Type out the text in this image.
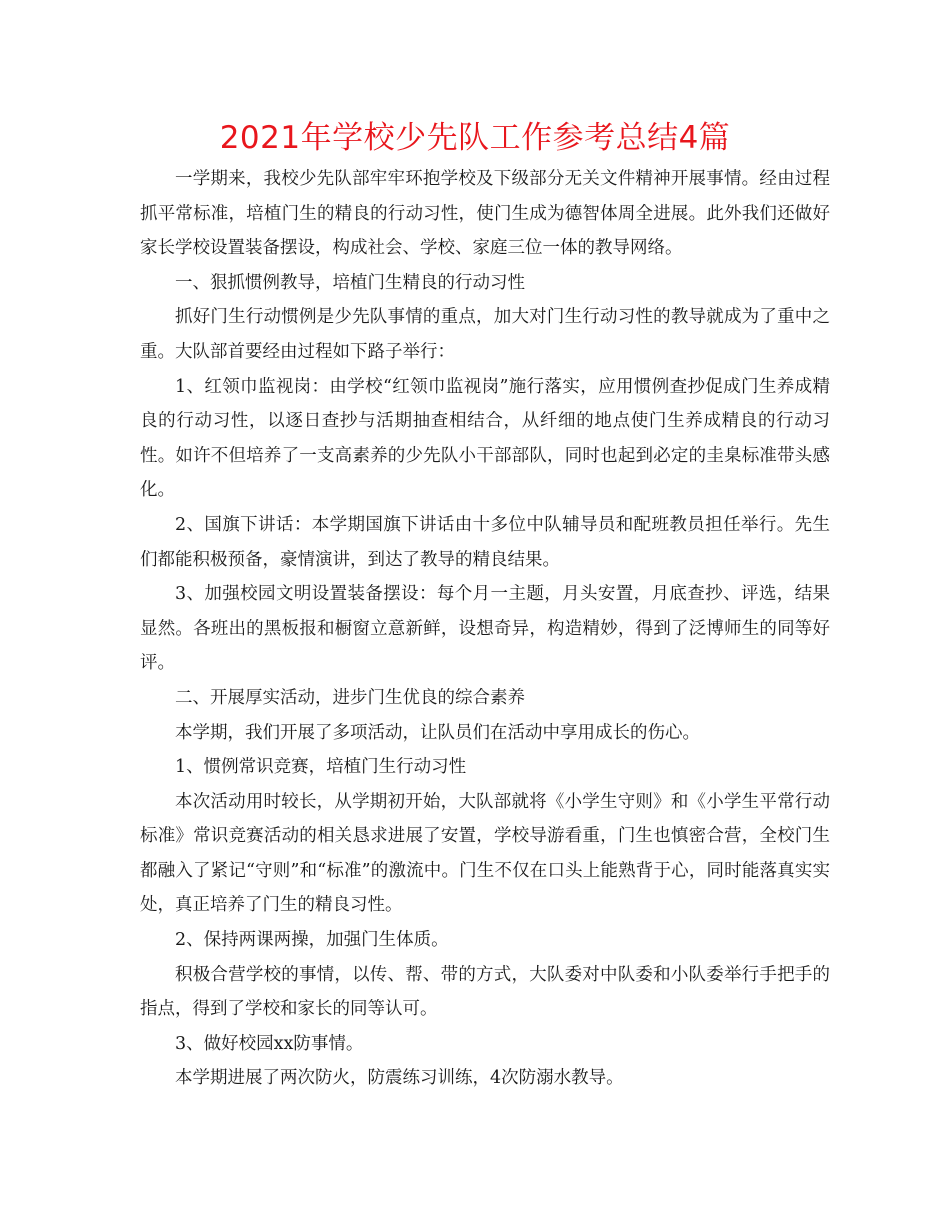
2021年学校少先队工作参考总结4篇

一学期来，我校少先队部牢牢环抱学校及下级部分无关文件精神开展事情。经由过程抓平常标准，培植门生的精良的行动习性，使门生成为德智体周全进展。此外我们还做好家长学校设置装备摆设，构成社会、学校、家庭三位一体的教导网络。

一、狠抓惯例教导，培植门生精良的行动习性

抓好门生行动惯例是少先队事情的重点，加大对门生行动习性的教导就成为了重中之重。大队部首要经由过程如下路子举行：

1、红领巾监视岗：由学校“红领巾监视岗”施行落实，应用惯例查抄促成门生养成精良的行动习性，以逐日查抄与活期抽查相结合，从纤细的地点使门生养成精良的行动习性。如许不但培养了一支高素养的少先队小干部部队，同时也起到必定的圭臬标准带头感化。

2、国旗下讲话：本学期国旗下讲话由十多位中队辅导员和配班教员担任举行。先生们都能积极预备，豪情演讲，到达了教导的精良结果。

3、加强校园文明设置装备摆设：每个月一主题，月头安置，月底查抄、评选，结果显然。各班出的黑板报和橱窗立意新鲜，设想奇异，构造精妙，得到了泛博师生的同等好评。

二、开展厚实活动，进步门生优良的综合素养

本学期，我们开展了多项活动，让队员们在活动中享用成长的伤心。

1、惯例常识竞赛，培植门生行动习性

本次活动用时较长，从学期初开始，大队部就将《小学生守则》和《小学生平常行动标准》常识竞赛活动的相关恳求进展了安置，学校导游看重，门生也慎密合营，全校门生都融入了紧记“守则”和“标准”的激流中。门生不仅在口头上能熟背于心，同时能落真实实处，真正培养了门生的精良习性。

2、保持两课两操，加强门生体质。

积极合营学校的事情，以传、帮、带的方式，大队委对中队委和小队委举行手把手的指点，得到了学校和家长的同等认可。

3、做好校园xx防事情。

本学期进展了两次防火，防震练习训练，4次防溺水教导。
